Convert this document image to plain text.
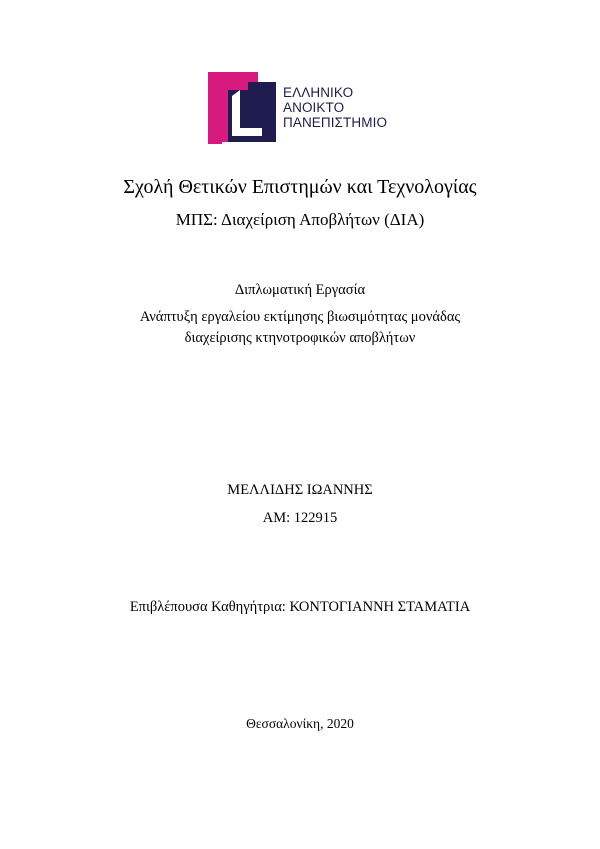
ΕΛΛΗΝΙΚΟ
ΑΝΟΙΚΤΟ
ΠΑΝΕΠΙΣΤΗΜΙΟ
Σχολή Θετικών Επιστημών και Τεχνολογίας
ΜΠΣ: Διαχείριση Αποβλήτων (ΔΙΑ)
Διπλωματική Εργασία
Ανάπτυξη εργαλείου εκτίμησης βιωσιμότητας μονάδας
διαχείρισης κτηνοτροφικών αποβλήτων
ΜΕΛΛΙΔΗΣ ΙΩΑΝΝΗΣ
ΑΜ: 122915
Επιβλέπουσα Καθηγήτρια: ΚΟΝΤΟΓΙΑΝΝΗ ΣΤΑΜΑΤΙΑ
Θεσσαλονίκη, 2020
